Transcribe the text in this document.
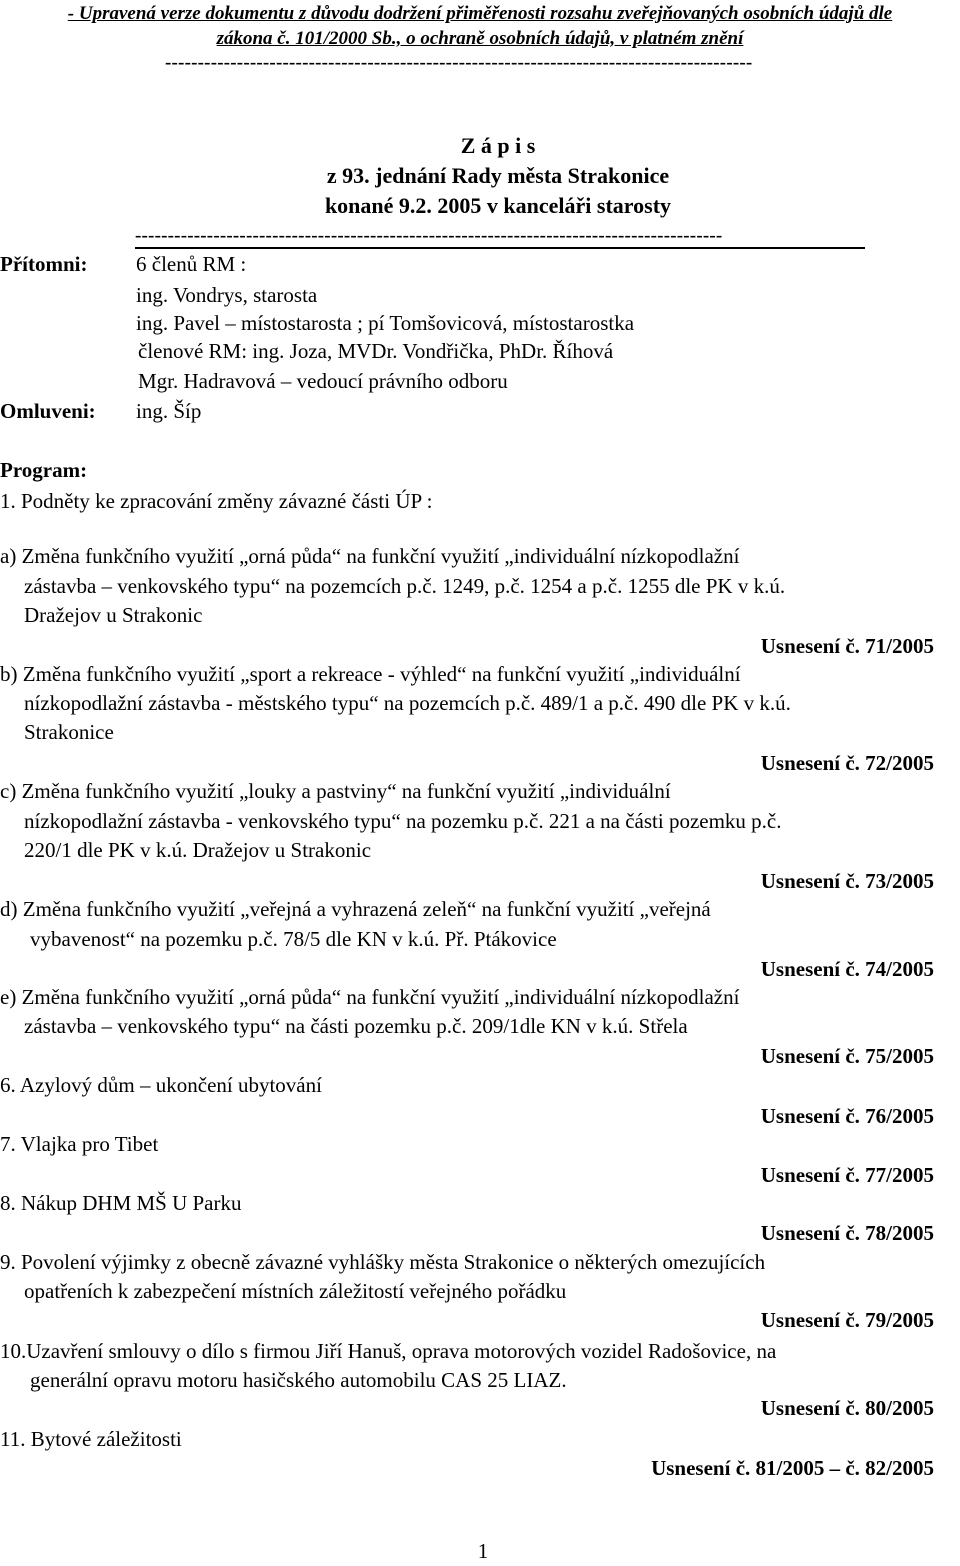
- Upravená verze dokumentu z důvodu dodržení přiměřenosti rozsahu zveřejňovaných osobních údajů dle
zákona č. 101/2000 Sb., o ochraně osobních údajů, v platném znění
------------------------------------------------------------------------------------------
Z á p i s
z 93. jednání Rady města Strakonice
konané 9.2. 2005 v kanceláři starosty
------------------------------------------------------------------------------------------
Přítomni: 6 členů RM :
ing. Vondrys, starosta
ing. Pavel – místostarosta ; pí Tomšovicová, místostarostka
členové RM: ing. Joza, MVDr. Vondřička, PhDr. Říhová
Mgr. Hadravová – vedoucí právního odboru
Omluveni: ing. Šíp
Program:
1. Podněty ke zpracování změny závazné části ÚP :
a) Změna funkčního využití „orná půda“ na funkční využití „individuální nízkopodlažní
zástavba – venkovského typu“ na pozemcích p.č. 1249, p.č. 1254 a p.č. 1255 dle PK v k.ú.
Dražejov u Strakonic
Usnesení č. 71/2005
b) Změna funkčního využití „sport a rekreace - výhled“ na funkční využití „individuální
nízkopodlažní zástavba - městského typu“ na pozemcích p.č. 489/1 a p.č. 490 dle PK v k.ú.
Strakonice
Usnesení č. 72/2005
c) Změna funkčního využití „louky a pastviny“ na funkční využití „individuální
nízkopodlažní zástavba - venkovského typu“ na pozemku p.č. 221 a na části pozemku p.č.
220/1 dle PK v k.ú. Dražejov u Strakonic
Usnesení č. 73/2005
d) Změna funkčního využití „veřejná a vyhrazená zeleň“ na funkční využití „veřejná
vybavenost“ na pozemku p.č. 78/5 dle KN v k.ú. Př. Ptákovice
Usnesení č. 74/2005
e) Změna funkčního využití „orná půda“ na funkční využití „individuální nízkopodlažní
zástavba – venkovského typu“ na části pozemku p.č. 209/1dle KN v k.ú. Střela
Usnesení č. 75/2005
6. Azylový dům – ukončení ubytování
Usnesení č. 76/2005
7. Vlajka pro Tibet
Usnesení č. 77/2005
8. Nákup DHM MŠ U Parku
Usnesení č. 78/2005
9. Povolení výjimky z obecně závazné vyhlášky města Strakonice o některých omezujících
opatřeních k zabezpečení místních záležitostí veřejného pořádku
Usnesení č. 79/2005
10.Uzavření smlouvy o dílo s firmou Jiří Hanuš, oprava motorových vozidel Radošovice, na
generální opravu motoru hasičského automobilu CAS 25 LIAZ.
Usnesení č. 80/2005
11. Bytové záležitosti
Usnesení č. 81/2005 – č. 82/2005
1
